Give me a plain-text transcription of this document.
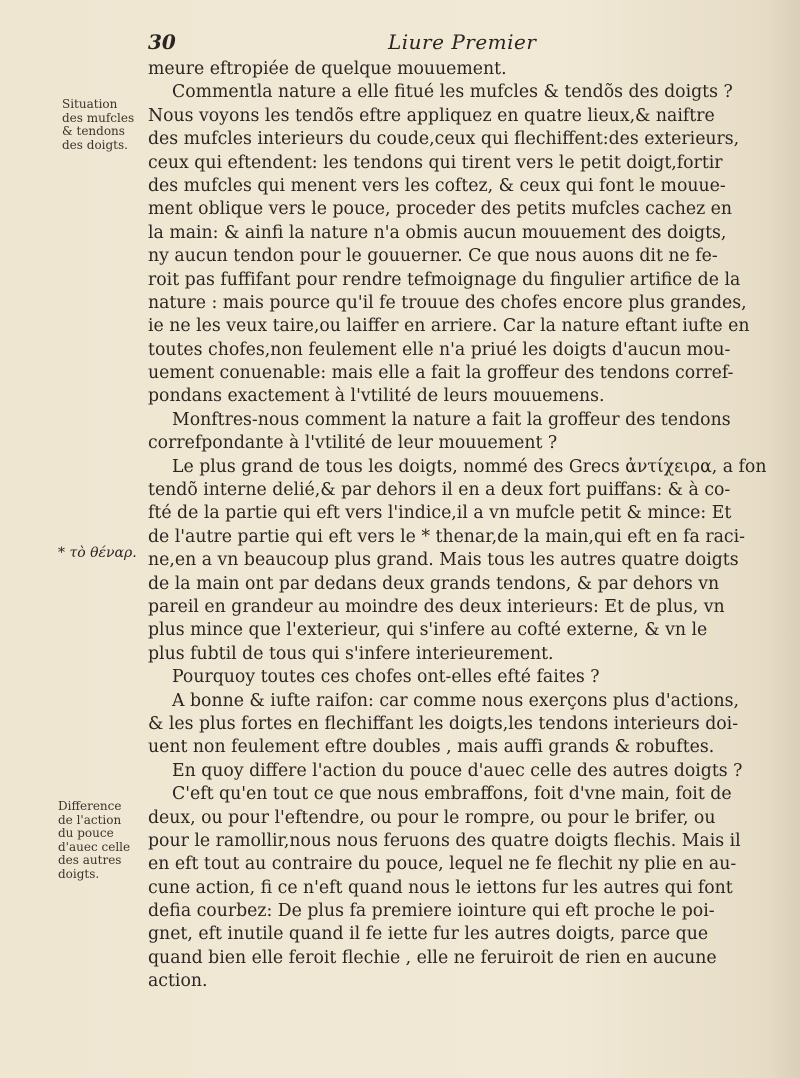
30	Liure Premier
Situation
des mufcles
& tendons
des doigts.
Difference
de l'action
du pouce
d'auec celle
des autres
doigts.
* τὸ θέναρ.
meure eftropiée de quelque mouuement.
Commentla nature a elle fitué les mufcles & tendõs des doigts ?
Nous voyons les tendõs eftre appliquez en quatre lieux,& naiftre
des mufcles interieurs du coude,ceux qui flechiffent:des exterieurs,
ceux qui eftendent: les tendons qui tirent vers le petit doigt,fortir
des mufcles qui menent vers les coftez, & ceux qui font le mouue-
ment oblique vers le pouce, proceder des petits mufcles cachez en
la main: & ainfi la nature n'a obmis aucun mouuement des doigts,
ny aucun tendon pour le gouuerner. Ce que nous auons dit ne fe-
roit pas fuffifant pour rendre tefmoignage du fingulier artifice de la
nature : mais pource qu'il fe trouue des chofes encore plus grandes,
ie ne les veux taire,ou laiffer en arriere. Car la nature eftant iufte en
toutes chofes,non feulement elle n'a priué les doigts d'aucun mou-
uement conuenable: mais elle a fait la groffeur des tendons corref-
pondans exactement à l'vtilité de leurs mouuemens.
Monftres-nous comment la nature a fait la groffeur des tendons
correfpondante à l'vtilité de leur mouuement ?
Le plus grand de tous les doigts, nommé des Grecs ἀντίχειρα, a fon
tendõ interne delié,& par dehors il en a deux fort puiffans: & à co-
fté de la partie qui eft vers l'indice,il a vn mufcle petit & mince: Et
de l'autre partie qui eft vers le * thenar,de la main,qui eft en fa raci-
ne,en a vn beaucoup plus grand. Mais tous les autres quatre doigts
de la main ont par dedans deux grands tendons, & par dehors vn
pareil en grandeur au moindre des deux interieurs: Et de plus, vn
plus mince que l'exterieur, qui s'infere au cofté externe, & vn le
plus fubtil de tous qui s'infere interieurement.
Pourquoy toutes ces chofes ont-elles efté faites ?
A bonne & iufte raifon: car comme nous exerçons plus d'actions,
& les plus fortes en flechiffant les doigts,les tendons interieurs doi-
uent non feulement eftre doubles , mais auffi grands & robuftes.
En quoy differe l'action du pouce d'auec celle des autres doigts ?
C'eft qu'en tout ce que nous embraffons, foit d'vne main, foit de
deux, ou pour l'eftendre, ou pour le rompre, ou pour le brifer, ou
pour le ramollir,nous nous feruons des quatre doigts flechis. Mais il
en eft tout au contraire du pouce, lequel ne fe flechit ny plie en au-
cune action, fi ce n'eft quand nous le iettons fur les autres qui font
defia courbez: De plus fa premiere iointure qui eft proche le poi-
gnet, eft inutile quand il fe iette fur les autres doigts, parce que
quand bien elle feroit flechie , elle ne feruiroit de rien en aucune
action.
